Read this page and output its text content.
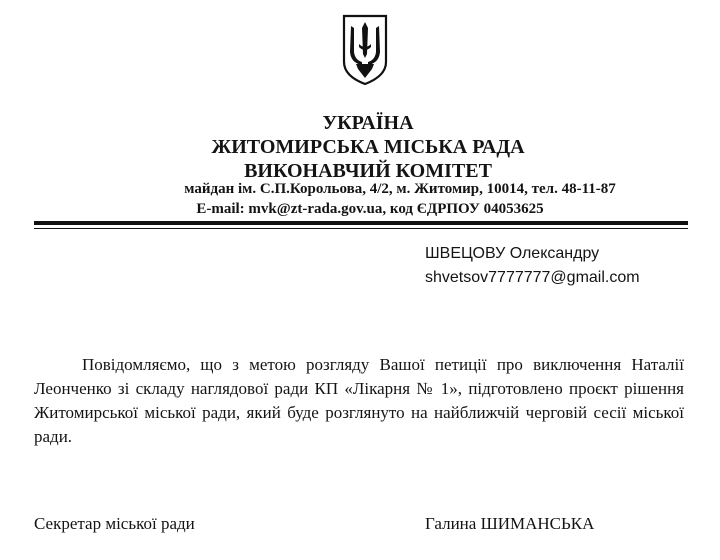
УКРАЇНА
ЖИТОМИРСЬКА МІСЬКА РАДА
ВИКОНАВЧИЙ КОМІТЕТ
майдан ім. С.П.Корольова, 4/2, м. Житомир, 10014, тел. 48-11-87
E-mail: mvk@zt-rada.gov.ua, код ЄДРПОУ 04053625
ШВЕЦОВУ Олександру
shvetsov7777777@gmail.com
Повідомляємо, що з метою розгляду Вашої петиції про виключення Наталії Леонченко зі складу наглядової ради КП «Лікарня № 1», підготовлено проєкт рішення Житомирської міської ради, який буде розглянуто на найближчій черговій сесії міської ради.
Секретар міської ради	Галина ШИМАНСЬКА
